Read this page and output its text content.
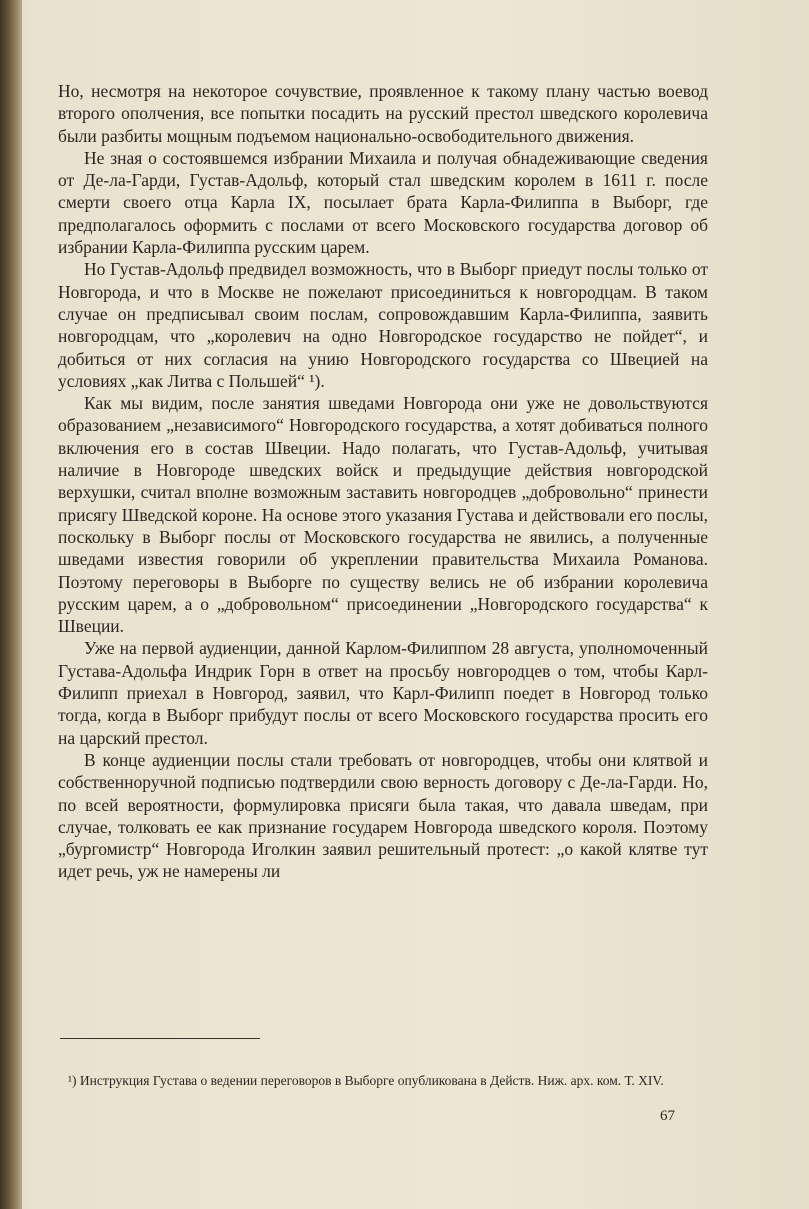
Но, несмотря на некоторое сочувствие, проявленное к такому плану частью воевод второго ополчения, все попытки посадить на русский престол шведского королевича были разбиты мощным подъемом национально-освободительного движения.

Не зная о состоявшемся избрании Михаила и получая обнадеживающие сведения от Де-ла-Гарди, Густав-Адольф, который стал шведским королем в 1611 г. после смерти своего отца Карла IX, посылает брата Карла-Филиппа в Выборг, где предполагалось оформить с послами от всего Московского государства договор об избрании Карла-Филиппа русским царем.

Но Густав-Адольф предвидел возможность, что в Выборг приедут послы только от Новгорода, и что в Москве не пожелают присоединиться к новгородцам. В таком случае он предписывал своим послам, сопровождавшим Карла-Филиппа, заявить новгородцам, что „королевич на одно Новгородское государство не пойдет“, и добиться от них согласия на унию Новгородского государства со Швецией на условиях „как Литва с Польшей“ ¹).

Как мы видим, после занятия шведами Новгорода они уже не довольствуются образованием „независимого“ Новгородского государства, а хотят добиваться полного включения его в состав Швеции. Надо полагать, что Густав-Адольф, учитывая наличие в Новгороде шведских войск и предыдущие действия новгородской верхушки, считал вполне возможным заставить новгородцев „добровольно“ принести присягу Шведской короне. На основе этого указания Густава и действовали его послы, поскольку в Выборг послы от Московского государства не явились, а полученные шведами известия говорили об укреплении правительства Михаила Романова. Поэтому переговоры в Выборге по существу велись не об избрании королевича русским царем, а о „добровольном“ присоединении „Новгородского государства“ к Швеции.

Уже на первой аудиенции, данной Карлом-Филиппом 28 августа, уполномоченный Густава-Адольфа Индрик Горн в ответ на просьбу новгородцев о том, чтобы Карл-Филипп приехал в Новгород, заявил, что Карл-Филипп поедет в Новгород только тогда, когда в Выборг прибудут послы от всего Московского государства просить его на царский престол.

В конце аудиенции послы стали требовать от новгородцев, чтобы они клятвой и собственноручной подписью подтвердили свою верность договору с Де-ла-Гарди. Но, по всей вероятности, формулировка присяги была такая, что давала шведам, при случае, толковать ее как признание государем Новгорода шведского короля. Поэтому „бургомистр“ Новгорода Иголкин заявил решительный протест: „о какой клятве тут идет речь, уж не намерены ли

¹) Инструкция Густава о ведении переговоров в Выборге опубликована в Действ. Ниж. арх. ком. Т. XIV.

67
